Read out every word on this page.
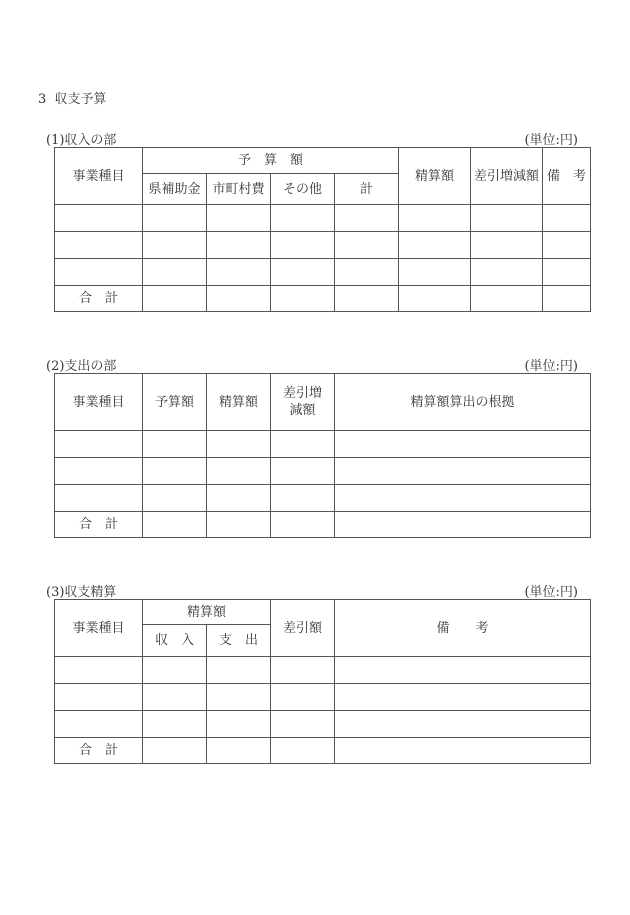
3  収支予算
(1)収入の部	(単位:円)
事業種目	予　算　額				精算額	差引増減額	備　考
	県補助金	市町村費	その他	計			

合　計							
(2)支出の部	(単位:円)
事業種目	予算額	精算額	差引増減額	精算額算出の根拠

合　計				
(3)収支精算	(単位:円)
事業種目	精算額		差引額	備　　考
	収　入	支　出		

合　計				
